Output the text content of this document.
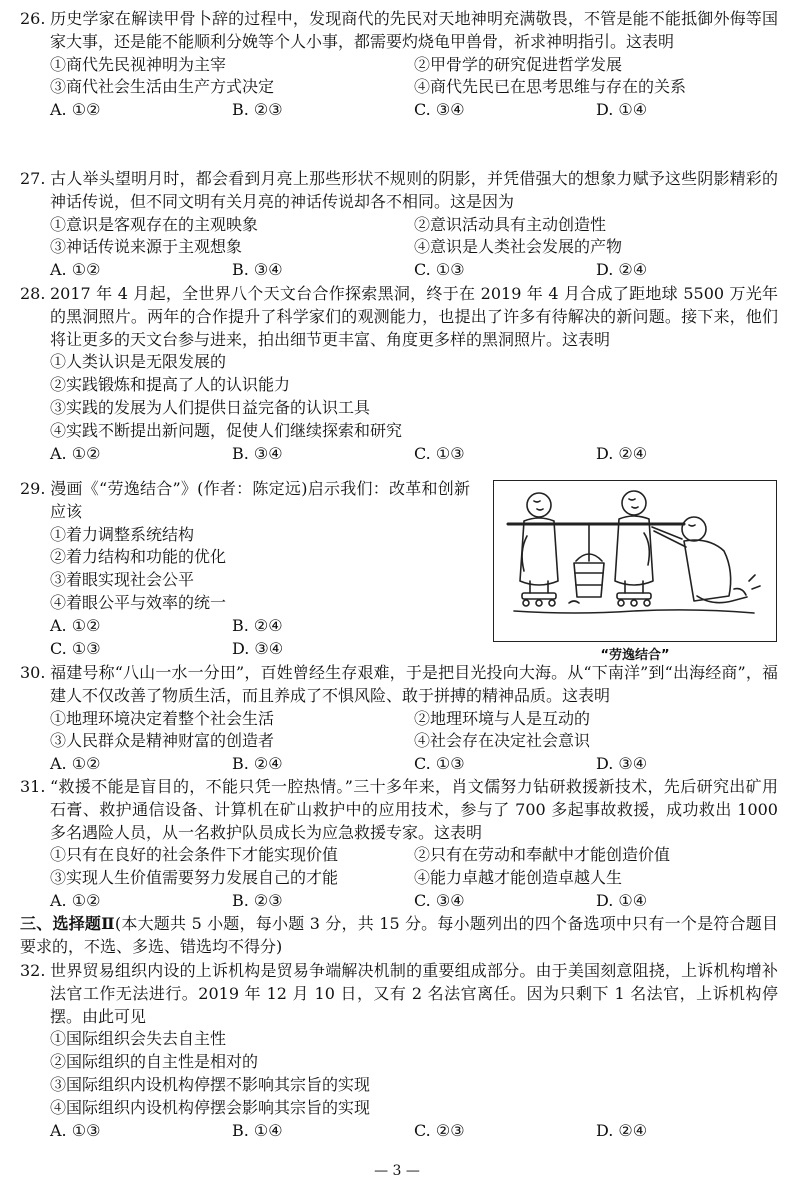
26. 历史学家在解读甲骨卜辞的过程中，发现商代的先民对天地神明充满敬畏，不管是能不能抵御外侮等国家大事，还是能不能顺利分娩等个人小事，都需要灼烧龟甲兽骨，祈求神明指引。这表明

①商代先民视神明为主宰	②甲骨学的研究促进哲学发展
③商代社会生活由生产方式决定	④商代先民已在思考思维与存在的关系
A. ①②	B. ②③	C. ③④	D. ①④

27. 古人举头望明月时，都会看到月亮上那些形状不规则的阴影，并凭借强大的想象力赋予这些阴影精彩的神话传说，但不同文明有关月亮的神话传说却各不相同。这是因为

①意识是客观存在的主观映象	②意识活动具有主动创造性
③神话传说来源于主观想象	④意识是人类社会发展的产物
A. ①②	B. ③④	C. ①③	D. ②④

28. 2017 年 4 月起，全世界八个天文台合作探索黑洞，终于在 2019 年 4 月合成了距地球 5500 万光年的黑洞照片。两年的合作提升了科学家们的观测能力，也提出了许多有待解决的新问题。接下来，他们将让更多的天文台参与进来，拍出细节更丰富、角度更多样的黑洞照片。这表明

①人类认识是无限发展的

②实践锻炼和提高了人的认识能力

③实践的发展为人们提供日益完备的认识工具

④实践不断提出新问题，促使人们继续探索和研究

A. ①②	B. ③④	C. ①③	D. ②④

29. 漫画《“劳逸结合”》(作者：陈定远)启示我们：改革和创新应该

①着力调整系统结构

②着力结构和功能的优化

③着眼实现社会公平

④着眼公平与效率的统一

A. ①②	B. ②④
C. ①③	D. ③④	“劳逸结合”

30. 福建号称“八山一水一分田”，百姓曾经生存艰难，于是把目光投向大海。从“下南洋”到“出海经商”，福建人不仅改善了物质生活，而且养成了不惧风险、敢于拼搏的精神品质。这表明

①地理环境决定着整个社会生活	②地理环境与人是互动的
③人民群众是精神财富的创造者	④社会存在决定社会意识
A. ①②	B. ②④	C. ①③	D. ③④

31. “救援不能是盲目的，不能只凭一腔热情。”三十多年来，肖文儒努力钻研救援新技术，先后研究出矿用石膏、救护通信设备、计算机在矿山救护中的应用技术，参与了 700 多起事故救援，成功救出 1000 多名遇险人员，从一名救护队员成长为应急救援专家。这表明

①只有在良好的社会条件下才能实现价值	②只有在劳动和奉献中才能创造价值
③实现人生价值需要努力发展自己的才能	④能力卓越才能创造卓越人生
A. ①②	B. ②③	C. ③④	D. ①④

三、选择题Ⅱ(本大题共 5 小题，每小题 3 分，共 15 分。每小题列出的四个备选项中只有一个是符合题目要求的，不选、多选、错选均不得分)

32. 世界贸易组织内设的上诉机构是贸易争端解决机制的重要组成部分。由于美国刻意阻挠，上诉机构增补法官工作无法进行。2019 年 12 月 10 日，又有 2 名法官离任。因为只剩下 1 名法官，上诉机构停摆。由此可见

①国际组织会失去自主性

②国际组织的自主性是相对的

③国际组织内设机构停摆不影响其宗旨的实现

④国际组织内设机构停摆会影响其宗旨的实现

A. ①③	B. ①④	C. ②③	D. ②④
— 3 —
